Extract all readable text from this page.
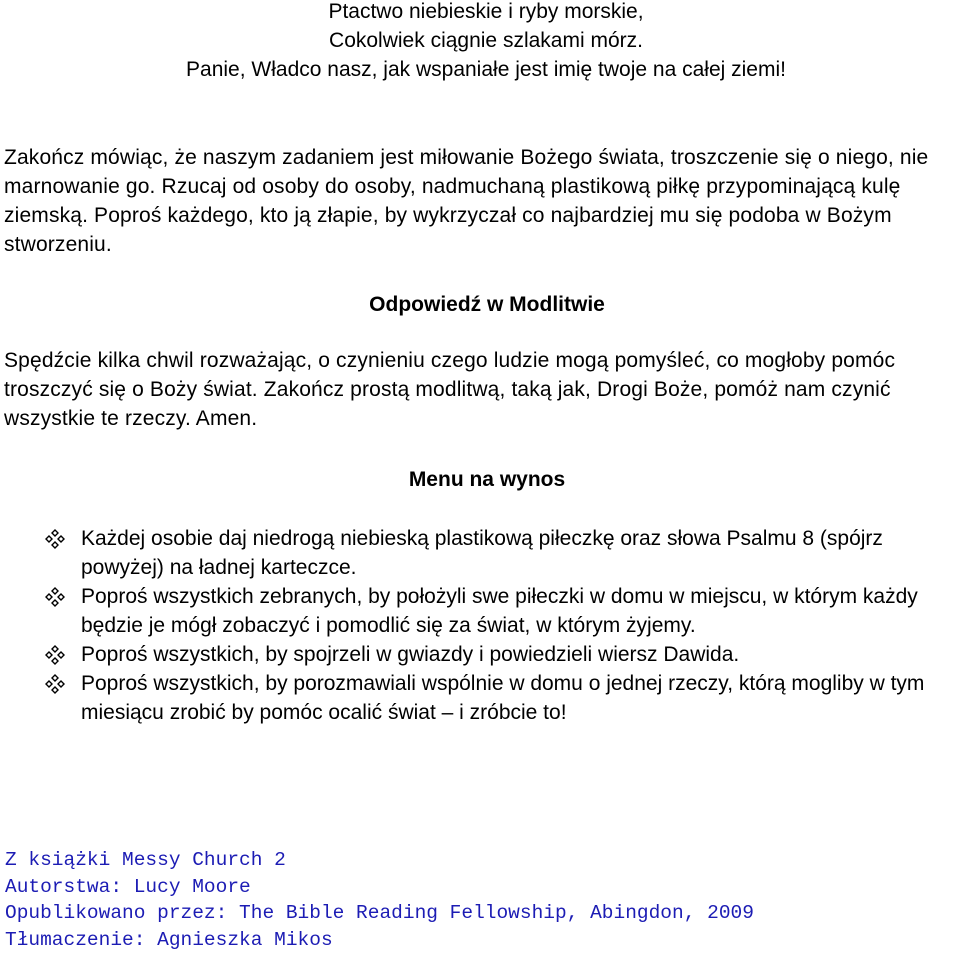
Ptactwo niebieskie i ryby morskie,
Cokolwiek ciągnie szlakami mórz.
Panie, Władco nasz, jak wspaniałe jest imię twoje na całej ziemi!
Zakończ mówiąc, że naszym zadaniem jest miłowanie Bożego świata, troszczenie się o niego, nie marnowanie go. Rzucaj od osoby do osoby, nadmuchaną plastikową piłkę przypominającą kulę ziemską. Poproś każdego, kto ją złapie, by wykrzyczał co najbardziej mu się podoba w Bożym stworzeniu.
Odpowiedź w Modlitwie
Spędźcie kilka chwil rozważając, o czynieniu czego ludzie mogą pomyśleć, co mogłoby pomóc troszczyć się o Boży świat. Zakończ prostą modlitwą, taką jak, Drogi Boże, pomóż nam czynić wszystkie te rzeczy. Amen.
Menu na wynos
Każdej osobie daj niedrogą niebieską plastikową piłeczkę oraz słowa Psalmu 8 (spójrz powyżej) na ładnej karteczce.
Poproś wszystkich zebranych, by położyli swe piłeczki w domu w miejscu, w którym każdy będzie je mógł zobaczyć i pomodlić się za świat, w którym żyjemy.
Poproś wszystkich, by spojrzeli w gwiazdy i powiedzieli wiersz Dawida.
Poproś wszystkich, by porozmawiali wspólnie w domu o jednej rzeczy, którą mogliby w tym miesiącu zrobić by pomóc ocalić świat – i zróbcie to!
Z książki Messy Church 2
Autorstwa: Lucy Moore
Opublikowano przez: The Bible Reading Fellowship, Abingdon, 2009
Tłumaczenie: Agnieszka Mikos
